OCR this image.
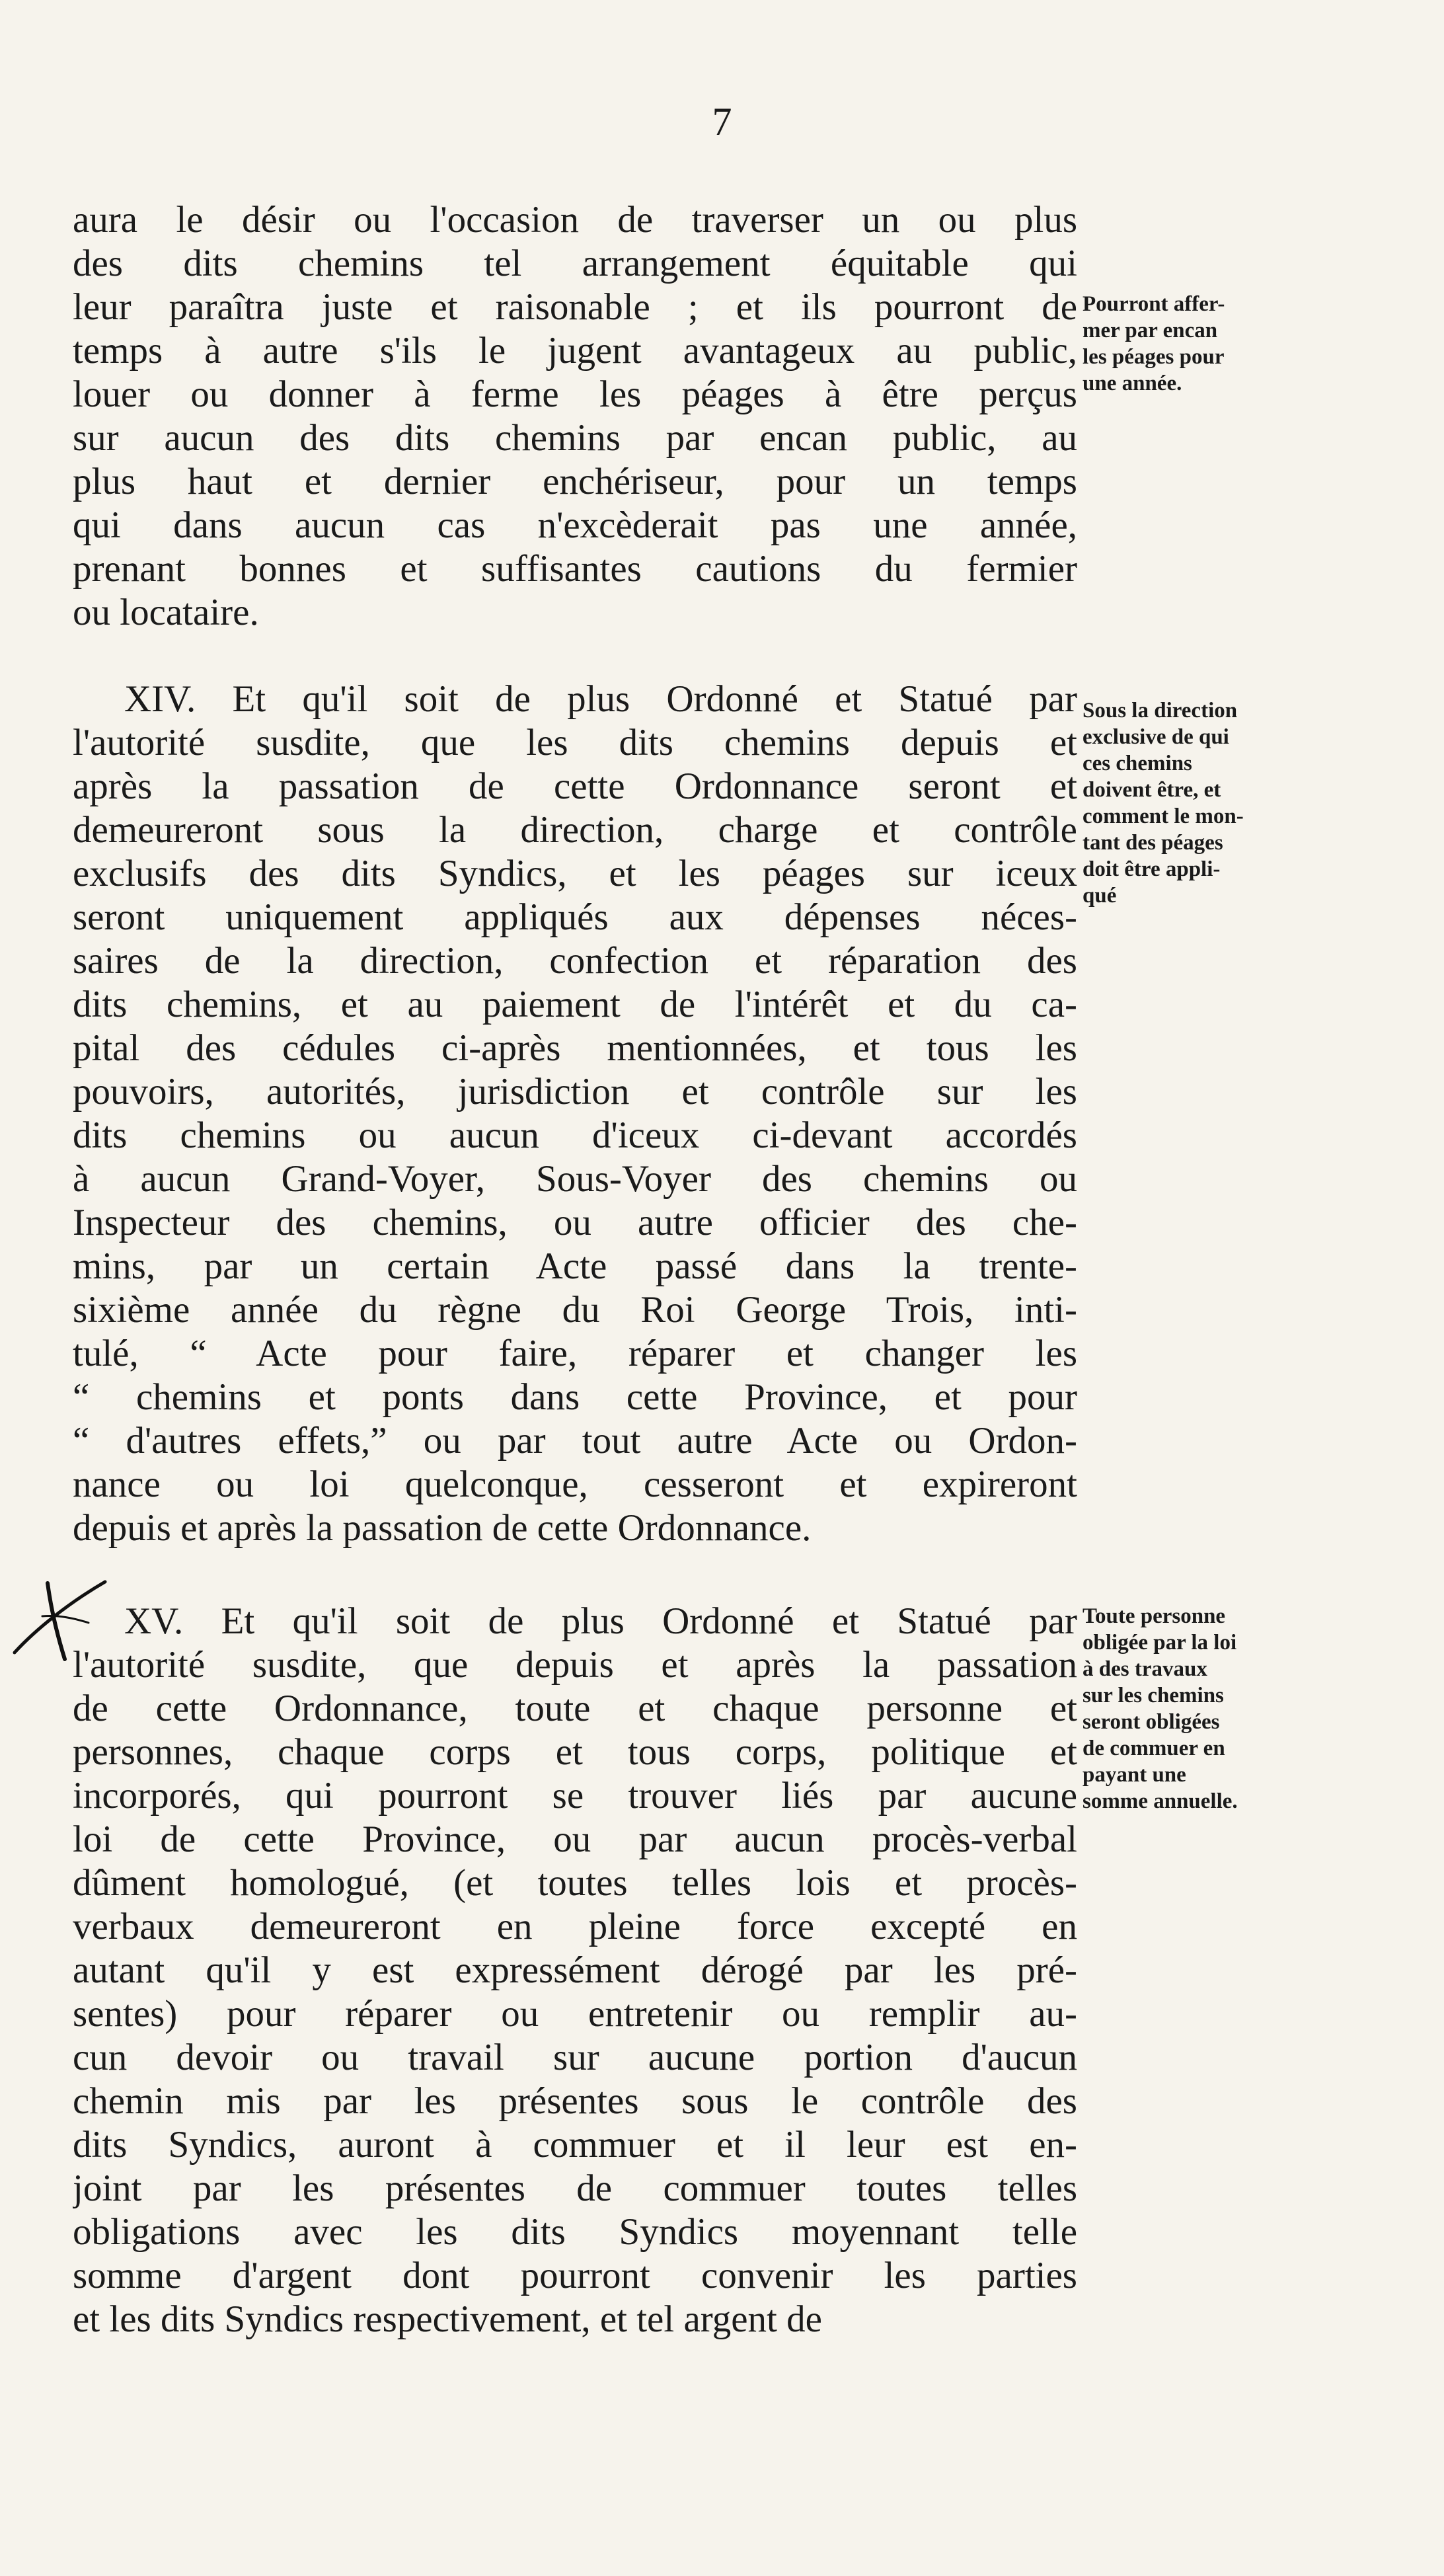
7
aura le désir ou l'occasion de traverser un ou plus
des dits chemins tel arrangement équitable qui
leur paraîtra juste et raisonable ; et ils pourront de
temps à autre s'ils le jugent avantageux au public,
louer ou donner à ferme les péages à être perçus
sur aucun des dits chemins par encan public, au
plus haut et dernier enchériseur, pour un temps
qui dans aucun cas n'excèderait pas une année,
prenant bonnes et suffisantes cautions du fermier
ou locataire.
XIV. Et qu'il soit de plus Ordonné et Statué par
l'autorité susdite, que les dits chemins depuis et
après la passation de cette Ordonnance seront et
demeureront sous la direction, charge et contrôle
exclusifs des dits Syndics, et les péages sur iceux
seront uniquement appliqués aux dépenses néces-
saires de la direction, confection et réparation des
dits chemins, et au paiement de l'intérêt et du ca-
pital des cédules ci-après mentionnées, et tous les
pouvoirs, autorités, jurisdiction et contrôle sur les
dits chemins ou aucun d'iceux ci-devant accordés
à aucun Grand-Voyer, Sous-Voyer des chemins ou
Inspecteur des chemins, ou autre officier des che-
mins, par un certain Acte passé dans la trente-
sixième année du règne du Roi George Trois, inti-
tulé, “ Acte pour faire, réparer et changer les
“ chemins et ponts dans cette Province, et pour
“ d'autres effets,” ou par tout autre Acte ou Ordon-
nance ou loi quelconque, cesseront et expireront
depuis et après la passation de cette Ordonnance.
XV. Et qu'il soit de plus Ordonné et Statué par
l'autorité susdite, que depuis et après la passation
de cette Ordonnance, toute et chaque personne et
personnes, chaque corps et tous corps, politique et
incorporés, qui pourront se trouver liés par aucune
loi de cette Province, ou par aucun procès-verbal
dûment homologué, (et toutes telles lois et procès-
verbaux demeureront en pleine force excepté en
autant qu'il y est expressément dérogé par les pré-
sentes) pour réparer ou entretenir ou remplir au-
cun devoir ou travail sur aucune portion d'aucun
chemin mis par les présentes sous le contrôle des
dits Syndics, auront à commuer et il leur est en-
joint par les présentes de commuer toutes telles
obligations avec les dits Syndics moyennant telle
somme d'argent dont pourront convenir les parties
et les dits Syndics respectivement, et tel argent de
Pourront affer-
mer par encan
les péages pour
une année.
Sous la direction
exclusive de qui
ces chemins
doivent être, et
comment le mon-
tant des péages
doit être appli-
qué
Toute personne
obligée par la loi
à des travaux
sur les chemins
seront obligées
de commuer en
payant une
somme annuelle.
